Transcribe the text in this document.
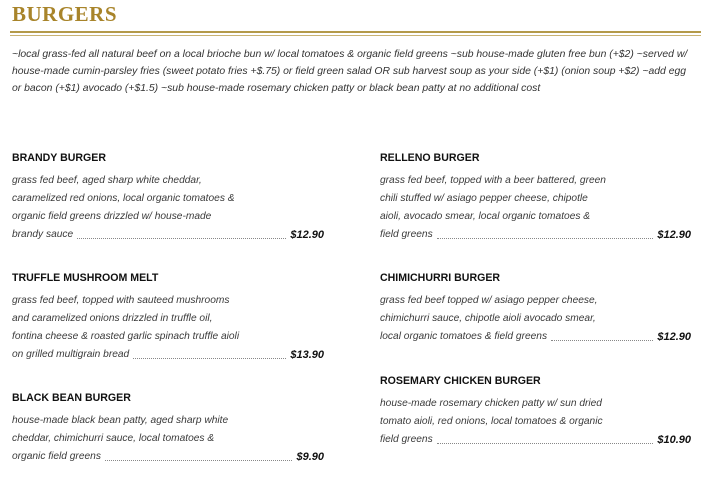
BURGERS
~local grass-fed all natural beef on a local brioche bun w/ local tomatoes & organic field greens ~sub house-made gluten free bun (+$2) ~served w/ house-made cumin-parsley fries (sweet potato fries +$.75) or field green salad OR sub harvest soup as your side (+$1) (onion soup +$2) ~add egg or bacon (+$1) avocado (+$1.5) ~sub house-made rosemary chicken patty or black bean patty at no additional cost
BRANDY BURGER
grass fed beef, aged sharp white cheddar,
caramelized red onions, local organic tomatoes &
organic field greens drizzled w/ house-made
brandy sauce	$12.90
TRUFFLE MUSHROOM MELT
grass fed beef, topped with sauteed mushrooms
and caramelized onions drizzled in truffle oil,
fontina cheese & roasted garlic spinach truffle aioli
on grilled multigrain bread	$13.90
BLACK BEAN BURGER
house-made black bean patty, aged sharp white
cheddar, chimichurri sauce, local tomatoes &
organic field greens	$9.90
RELLENO BURGER
grass fed beef, topped with a beer battered, green
chili stuffed w/ asiago pepper cheese, chipotle
aioli, avocado smear, local organic tomatoes &
field greens	$12.90
CHIMICHURRI BURGER
grass fed beef topped w/ asiago pepper cheese,
chimichurri sauce, chipotle aioli avocado smear,
local organic tomatoes & field greens	$12.90
ROSEMARY CHICKEN BURGER
house-made rosemary chicken patty w/ sun dried
tomato aioli, red onions, local tomatoes & organic
field greens	$10.90
